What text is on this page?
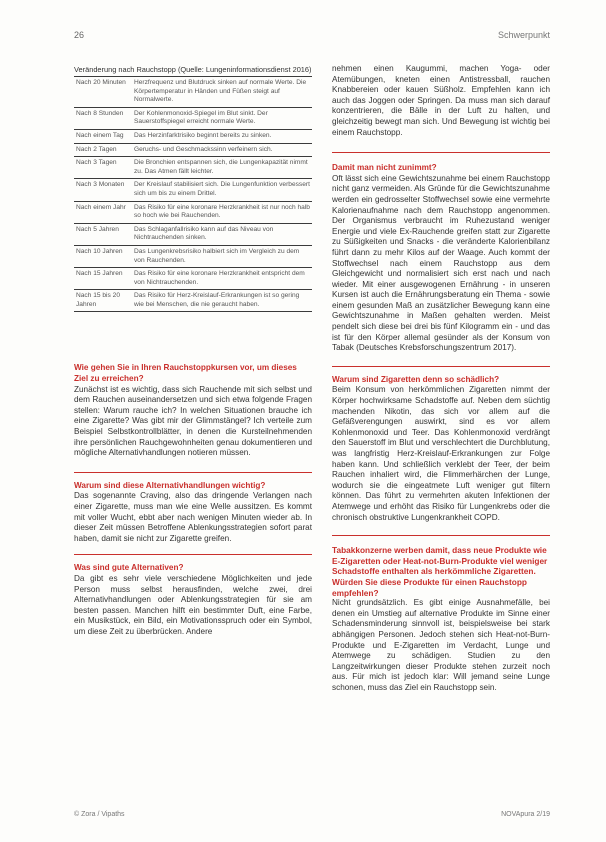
26	Schwerpunkt
Veränderung nach Rauchstopp (Quelle: Lungeninformationsdienst 2016)
Nach 20 Minuten	Herzfrequenz und Blutdruck sinken auf normale Werte. Die Körpertemperatur in Händen und Füßen steigt auf Normalwerte.
Nach 8 Stunden	Der Kohlenmonoxid-Spiegel im Blut sinkt. Der Sauerstoffspiegel erreicht normale Werte.
Nach einem Tag	Das Herzinfarktrisiko beginnt bereits zu sinken.
Nach 2 Tagen	Geruchs- und Geschmackssinn verfeinern sich.
Nach 3 Tagen	Die Bronchien entspannen sich, die Lungenkapazität nimmt zu. Das Atmen fällt leichter.
Nach 3 Monaten	Der Kreislauf stabilisiert sich. Die Lungenfunktion verbessert sich um bis zu einem Drittel.
Nach einem Jahr	Das Risiko für eine koronare Herzkrankheit ist nur noch halb so hoch wie bei Rauchenden.
Nach 5 Jahren	Das Schlaganfallrisiko kann auf das Niveau von Nichtrauchenden sinken.
Nach 10 Jahren	Das Lungenkrebsrisiko halbiert sich im Vergleich zu dem von Rauchenden.
Nach 15 Jahren	Das Risiko für eine koronare Herzkrankheit entspricht dem von Nichtrauchenden.
Nach 15 bis 20 Jahren	Das Risiko für Herz-Kreislauf-Erkrankungen ist so gering wie bei Menschen, die nie geraucht haben.

Wie gehen Sie in Ihren Rauchstoppkursen vor, um dieses Ziel zu erreichen?

Zunächst ist es wichtig, dass sich Rauchende mit sich selbst und dem Rauchen auseinandersetzen und sich etwa folgende Fragen stellen: Warum rauche ich? In welchen Situationen brauche ich eine Zigarette? Was gibt mir der Glimmstängel? Ich verteile zum Beispiel Selbstkontrollblätter, in denen die Kursteilnehmenden ihre persönlichen Rauchgewohnheiten genau dokumentieren und mögliche Alternativhandlungen notieren müssen.

Warum sind diese Alternativhandlungen wichtig?

Das sogenannte Craving, also das dringende Verlangen nach einer Zigarette, muss man wie eine Welle aussitzen. Es kommt mit voller Wucht, ebbt aber nach wenigen Minuten wieder ab. In dieser Zeit müssen Betroffene Ablenkungsstrategien sofort parat haben, damit sie nicht zur Zigarette greifen.

Was sind gute Alternativen?

Da gibt es sehr viele verschiedene Möglichkeiten und jede Person muss selbst herausfinden, welche zwei, drei Alternativhandlungen oder Ablenkungsstrategien für sie am besten passen. Manchen hilft ein bestimmter Duft, eine Farbe, ein Musikstück, ein Bild, ein Motivationsspruch oder ein Symbol, um diese Zeit zu überbrücken. Andere

nehmen einen Kaugummi, machen Yoga- oder Atemübungen, kneten einen Antistressball, rauchen Knabbereien oder kauen Süßholz. Empfehlen kann ich auch das Joggen oder Springen. Da muss man sich darauf konzentrieren, die Bälle in der Luft zu halten, und gleichzeitig bewegt man sich. Und Bewegung ist wichtig bei einem Rauchstopp.

Damit man nicht zunimmt?

Oft lässt sich eine Gewichtszunahme bei einem Rauchstopp nicht ganz vermeiden. Als Gründe für die Gewichtszunahme werden ein gedrosselter Stoffwechsel sowie eine vermehrte Kalorienaufnahme nach dem Rauchstopp angenommen. Der Organismus verbraucht im Ruhezustand weniger Energie und viele Ex-Rauchende greifen statt zur Zigarette zu Süßigkeiten und Snacks - die veränderte Kalorienbilanz führt dann zu mehr Kilos auf der Waage. Auch kommt der Stoffwechsel nach einem Rauchstopp aus dem Gleichgewicht und normalisiert sich erst nach und nach wieder. Mit einer ausgewogenen Ernährung - in unseren Kursen ist auch die Ernährungsberatung ein Thema - sowie einem gesunden Maß an zusätzlicher Bewegung kann eine Gewichtszunahme in Maßen gehalten werden. Meist pendelt sich diese bei drei bis fünf Kilogramm ein - und das ist für den Körper allemal gesünder als der Konsum von Tabak (Deutsches Krebsforschungszentrum 2017).

Warum sind Zigaretten denn so schädlich?

Beim Konsum von herkömmlichen Zigaretten nimmt der Körper hochwirksame Schadstoffe auf. Neben dem süchtig machenden Nikotin, das sich vor allem auf die Gefäßverengungen auswirkt, sind es vor allem Kohlenmonoxid und Teer. Das Kohlenmonoxid verdrängt den Sauerstoff im Blut und verschlechtert die Durchblutung, was langfristig Herz-Kreislauf-Erkrankungen zur Folge haben kann. Und schließlich verklebt der Teer, der beim Rauchen inhaliert wird, die Flimmerhärchen der Lunge, wodurch sie die eingeatmete Luft weniger gut filtern können. Das führt zu vermehrten akuten Infektionen der Atemwege und erhöht das Risiko für Lungenkrebs oder die chronisch obstruktive Lungenkrankheit COPD.

Tabakkonzerne werben damit, dass neue Produkte wie E-Zigaretten oder Heat-not-Burn-Produkte viel weniger Schadstoffe enthalten als herkömmliche Zigaretten. Würden Sie diese Produkte für einen Rauchstopp empfehlen?

Nicht grundsätzlich. Es gibt einige Ausnahmefälle, bei denen ein Umstieg auf alternative Produkte im Sinne einer Schadensminderung sinnvoll ist, beispielsweise bei stark abhängigen Personen. Jedoch stehen sich Heat-not-Burn-Produkte und E-Zigaretten im Verdacht, Lunge und Atemwege zu schädigen. Studien zu den Langzeitwirkungen dieser Produkte stehen zurzeit noch aus. Für mich ist jedoch klar: Will jemand seine Lunge schonen, muss das Ziel ein Rauchstopp sein.

© Zora / Vipaths	NOVApura 2/19
